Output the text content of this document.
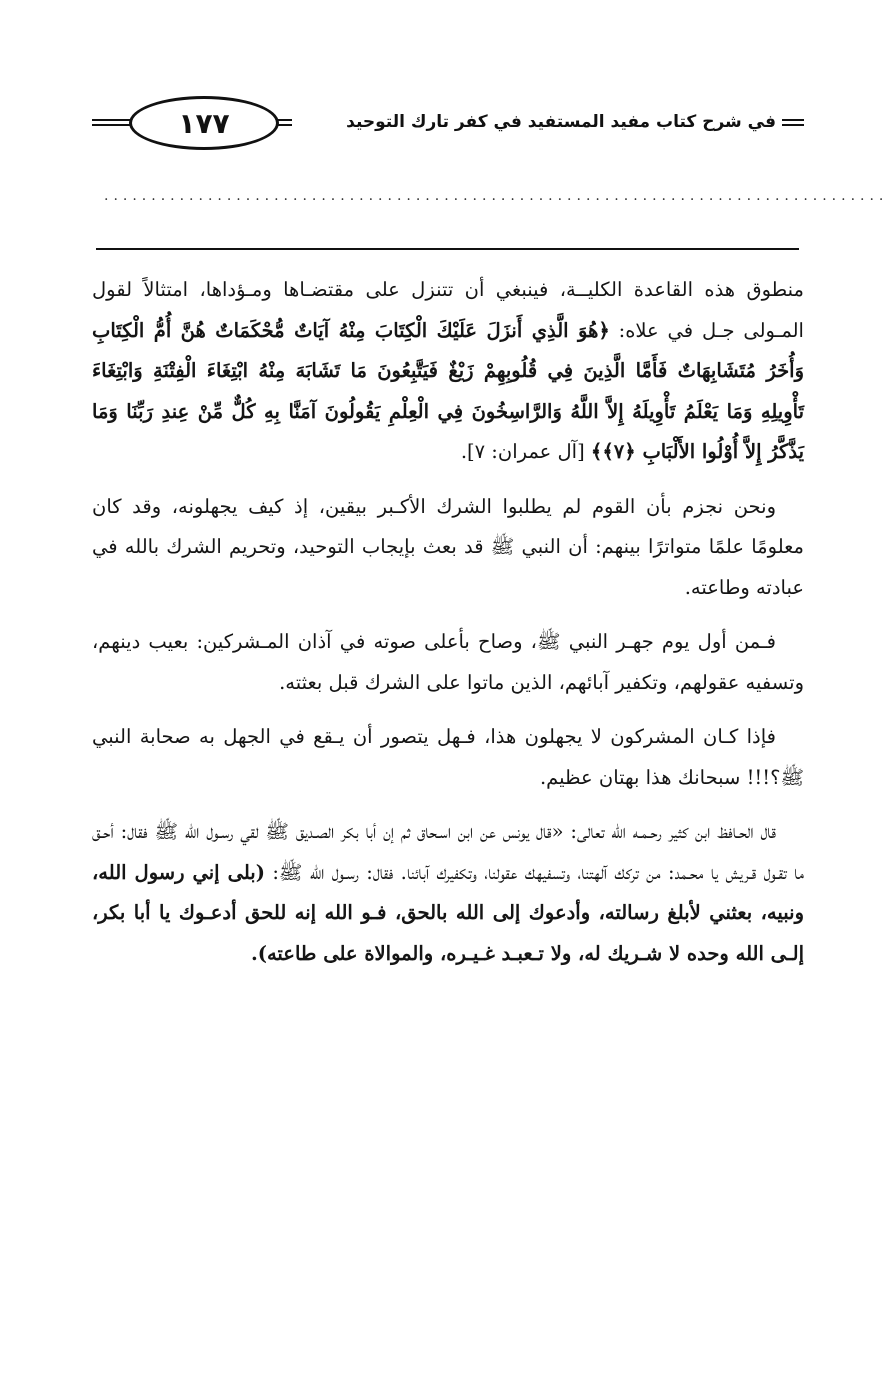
١٧٧	في شرح كتاب مفيد المستفيد في كفر تارك التوحيد
...................................................................................

منطوق هذه القاعدة الكليــة، فينبغي أن تتنزل على مقتضـاها ومـؤداها، امتثالاً لقول المـولى جـل في علاه: ﴿هُوَ الَّذِي أَنزَلَ عَلَيْكَ الْكِتَابَ مِنْهُ آيَاتٌ مُّحْكَمَاتٌ هُنَّ أُمُّ الْكِتَابِ وَأُخَرُ مُتَشَابِهَاتٌ فَأَمَّا الَّذِينَ فِي قُلُوبِهِمْ زَيْغٌ فَيَتَّبِعُونَ مَا تَشَابَهَ مِنْهُ ابْتِغَاءَ الْفِتْنَةِ وَابْتِغَاءَ تَأْوِيلِهِ وَمَا يَعْلَمُ تَأْوِيلَهُ إِلاَّ اللَّهُ وَالرَّاسِخُونَ فِي الْعِلْمِ يَقُولُونَ آمَنَّا بِهِ كُلٌّ مِّنْ عِندِ رَبِّنَا وَمَا يَذَّكَّرُ إِلاَّ أُوْلُوا الأَلْبَابِ ﴿٧﴾﴾ [آل عمران: ٧].

ونحن نجزم بأن القوم لم يطلبوا الشرك الأكـبر بيقين، إذ كيف يجهلونه، وقد كان معلومًا علمًا متواترًا بينهم: أن النبي ﷺ قد بعث بإيجاب التوحيد، وتحريم الشرك بالله في عبادته وطاعته.

فـمن أول يوم جهـر النبي ﷺ، وصاح بأعلى صوته في آذان المـشركين: بعيب دينهم، وتسفيه عقولهم، وتكفير آبائهم، الذين ماتوا على الشرك قبل بعثته.

فإذا كـان المشركون لا يجهلون هذا، فـهل يتصور أن يـقع في الجهل به صحابة النبي ﷺ؟!!! سبحانك هذا بهتان عظيم.

قال الحـافظ ابن كثير رحـمـه الله تعالى: «قال يونس عن ابن اسـحاق ثم إن أبا بكر الصـديق ﷺ لقي رسـول الله ﷺ فقال: أحـق ما تقـول قـريش يا محـمد: من تركك آلهتنا، وتسفيهك عقولنا، وتكفيرك آبائنا. فقال: رسـول الله ﷺ: (بلى إني رسول الله، ونبيه، بعثني لأبلغ رسالته، وأدعوك إلى الله بالحق، فـو الله إنه للحق أدعـوك يا أبا بكر، إلـى الله وحده لا شـريك له، ولا تـعبـد غـيـره، والموالاة على طاعته).
